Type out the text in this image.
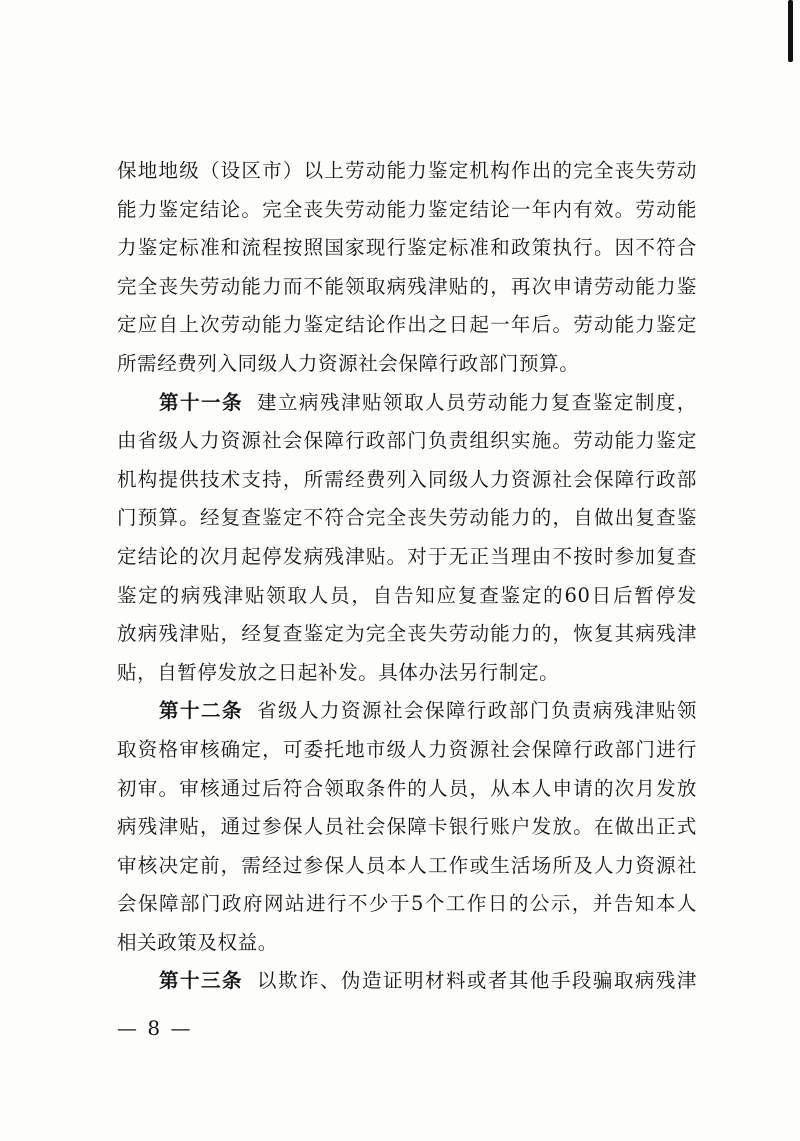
保地地级（设区市）以上劳动能力鉴定机构作出的完全丧失劳动
能力鉴定结论。完全丧失劳动能力鉴定结论一年内有效。劳动能
力鉴定标准和流程按照国家现行鉴定标准和政策执行。因不符合
完全丧失劳动能力而不能领取病残津贴的，再次申请劳动能力鉴
定应自上次劳动能力鉴定结论作出之日起一年后。劳动能力鉴定
所需经费列入同级人力资源社会保障行政部门预算。
第十一条 建立病残津贴领取人员劳动能力复查鉴定制度，
由省级人力资源社会保障行政部门负责组织实施。劳动能力鉴定
机构提供技术支持，所需经费列入同级人力资源社会保障行政部
门预算。经复查鉴定不符合完全丧失劳动能力的，自做出复查鉴
定结论的次月起停发病残津贴。对于无正当理由不按时参加复查
鉴定的病残津贴领取人员，自告知应复查鉴定的60日后暂停发
放病残津贴，经复查鉴定为完全丧失劳动能力的，恢复其病残津
贴，自暂停发放之日起补发。具体办法另行制定。
第十二条 省级人力资源社会保障行政部门负责病残津贴领
取资格审核确定，可委托地市级人力资源社会保障行政部门进行
初审。审核通过后符合领取条件的人员，从本人申请的次月发放
病残津贴，通过参保人员社会保障卡银行账户发放。在做出正式
审核决定前，需经过参保人员本人工作或生活场所及人力资源社
会保障部门政府网站进行不少于5个工作日的公示，并告知本人
相关政策及权益。
第十三条 以欺诈、伪造证明材料或者其他手段骗取病残津
— 8 —
